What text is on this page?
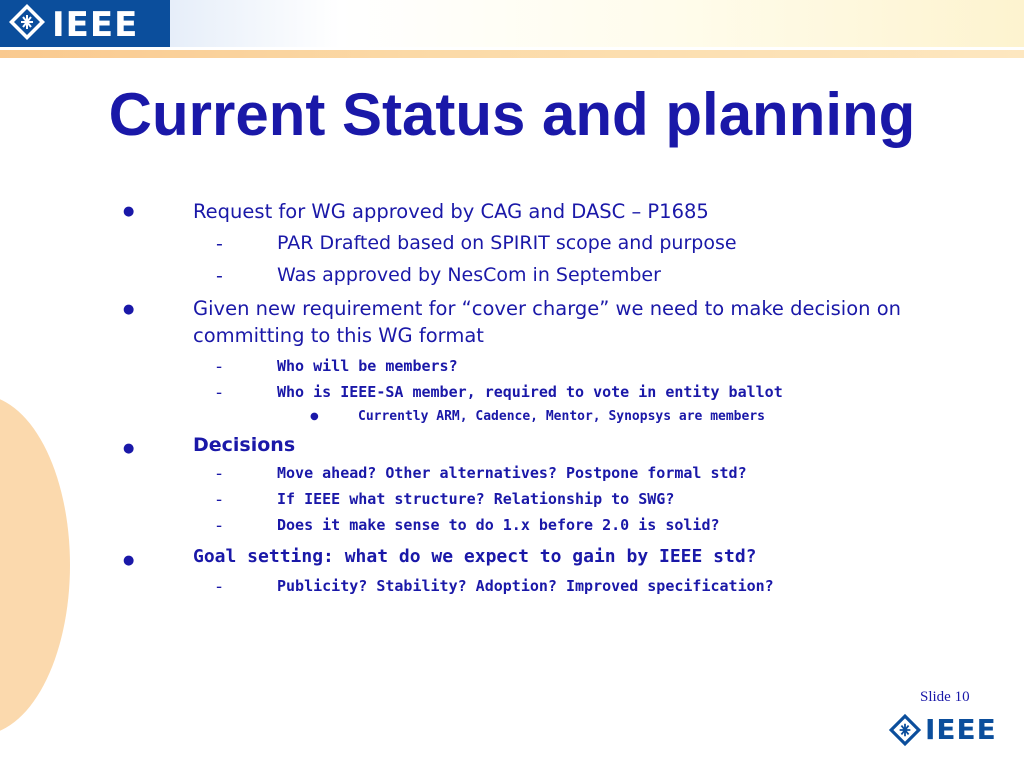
IEEE
Current Status and planning
●	Request for WG approved by CAG and DASC – P1685
-	PAR Drafted based on SPIRIT scope and purpose
-	Was approved by NesCom in September
●	Given new requirement for “cover charge” we need to make decision on
committing to this WG format
-	Who will be members?
-	Who is IEEE-SA member, required to vote in entity ballot
●	Currently ARM, Cadence, Mentor, Synopsys are members
●	Decisions
-	Move ahead? Other alternatives? Postpone formal std?
-	If IEEE what structure? Relationship to SWG?
-	Does it make sense to do 1.x before 2.0 is solid?
●	Goal setting: what do we expect to gain by IEEE std?
-	Publicity? Stability? Adoption? Improved specification?
Slide 10
IEEE
